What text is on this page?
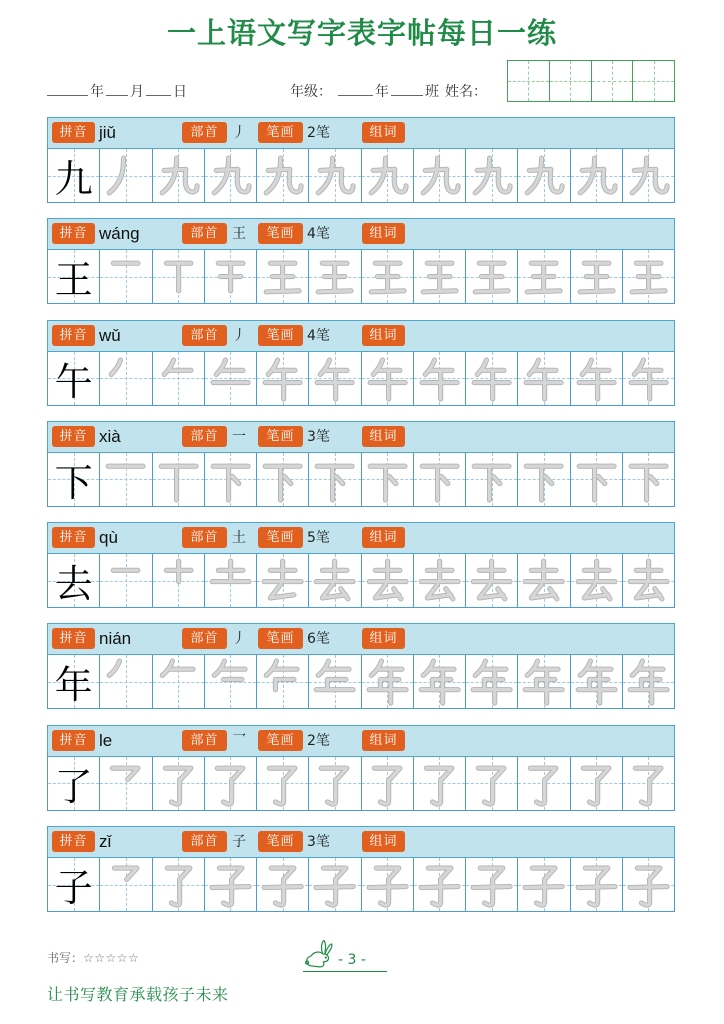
一上语文写字表字帖每日一练
年 月 日	年级：	年	班 姓名：
拼音 jiǔ	部首 丿	笔画 2笔	组词
九
拼音 wáng	部首 王	笔画 4笔	组词
王
拼音 wǔ	部首 丿	笔画 4笔	组词
午
拼音 xià	部首 一	笔画 3笔	组词
下
拼音 qù	部首 土	笔画 5笔	组词
去
拼音 nián	部首 丿	笔画 6笔	组词
年
拼音 le	部首 乛	笔画 2笔	组词
了
拼音 zǐ	部首 子	笔画 3笔	组词
子
书写：☆☆☆☆☆	- 3 -
让书写教育承载孩子未来
